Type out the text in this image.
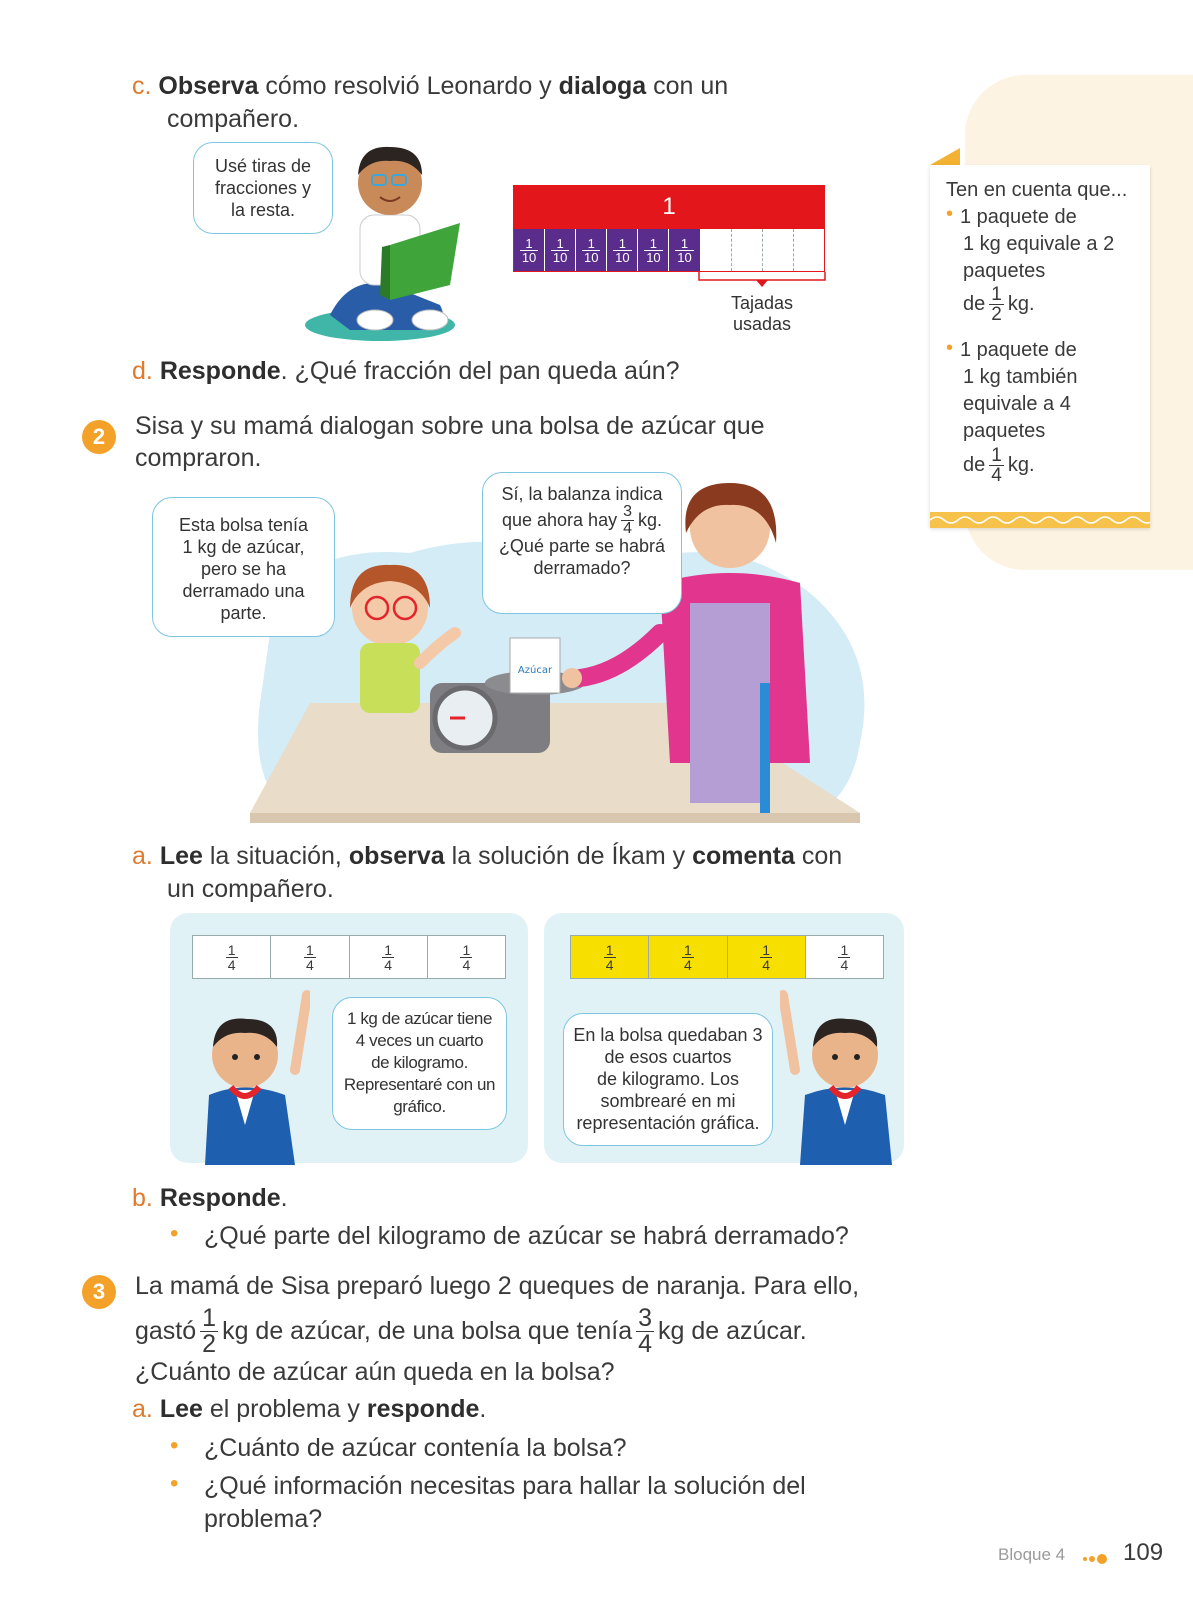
Ten en cuenta que...
• 1 paquete de
1 kg equivale a 2
paquetes
de $\frac{1}{2}$ kg.
• 1 paquete de
1 kg también
equivale a 4
paquetes
de $\frac{1}{4}$ kg.
c. Observa cómo resolvió Leonardo y dialoga con un
compañero.
Usé tiras de
fracciones y
la resta.	1
$\frac{1}{10} \frac{1}{10} \frac{1}{10} \frac{1}{10} \frac{1}{10} \frac{1}{10}$
Tajadas
usadas
d. Responde. ¿Qué fracción del pan queda aún?
2	Sisa y su mamá dialogan sobre una bolsa de azúcar que
compraron.
Azúcar
Esta bolsa tenía
1 kg de azúcar,
pero se ha
derramado una
parte.
Sí, la balanza indica
que ahora hay $\frac{3}{4}$ kg.
¿Qué parte se habrá
derramado?
a. Lee la situación, observa la solución de Íkam y comenta con
un compañero.
$\frac{1}{4}$	$\frac{1}{4}$	$\frac{1}{4}$	$\frac{1}{4}$	$\frac{1}{4}$	$\frac{1}{4}$	$\frac{1}{4}$	$\frac{1}{4}$
1 kg de azúcar tiene
4 veces un cuarto
de kilogramo.
Representaré con un
gráfico.
En la bolsa quedaban 3
de esos cuartos
de kilogramo. Los
sombrearé en mi
representación gráfica.
b. Responde.
• ¿Qué parte del kilogramo de azúcar se habrá derramado?
3	La mamá de Sisa preparó luego 2 queques de naranja. Para ello,
gastó $\frac{1}{2}$ kg de azúcar, de una bolsa que tenía $\frac{3}{4}$ kg de azúcar.
¿Cuánto de azúcar aún queda en la bolsa?
a. Lee el problema y responde.
• ¿Cuánto de azúcar contenía la bolsa?
• ¿Qué información necesitas para hallar la solución del
problema?
Bloque 4 109
